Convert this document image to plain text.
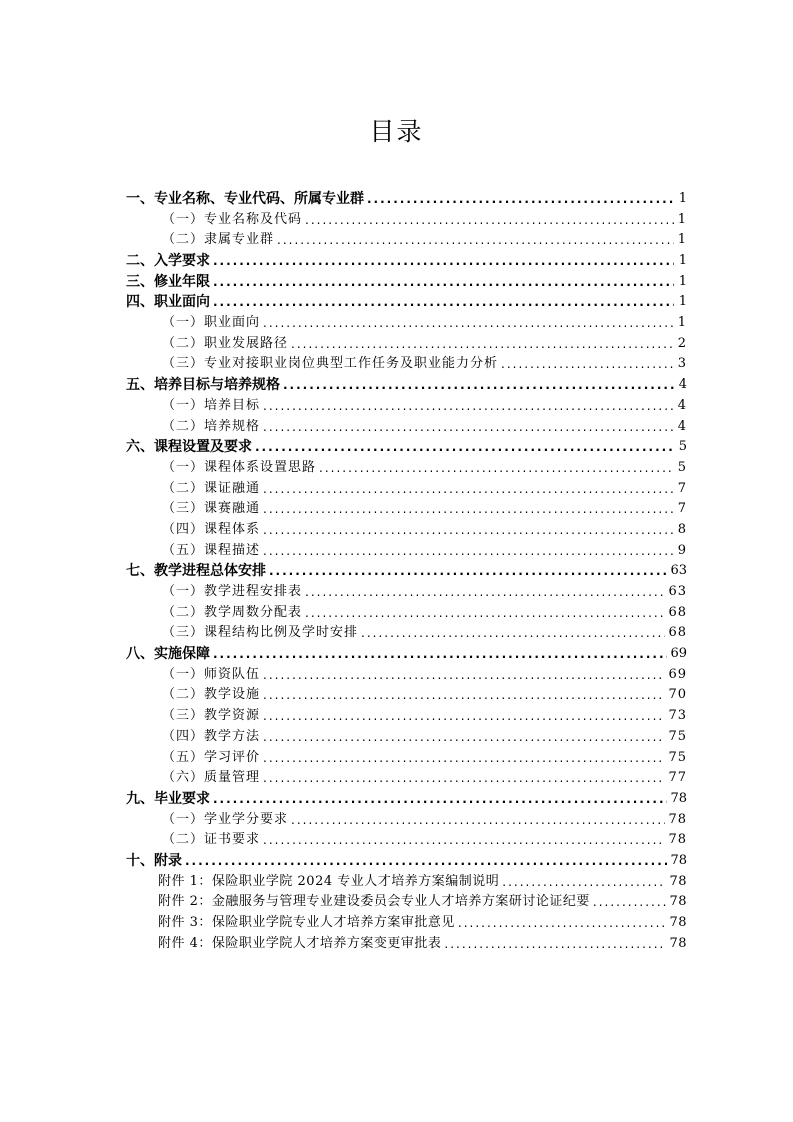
目录
一、专业名称、专业代码、所属专业群 .....	1
（一）专业名称及代码 .....	1
（二）隶属专业群 .....	1
二、入学要求 .....	1
三、修业年限 .....	1
四、职业面向 .....	1
（一）职业面向 .....	1
（二）职业发展路径 .....	2
（三）专业对接职业岗位典型工作任务及职业能力分析 .....	3
五、培养目标与培养规格 .....	4
（一）培养目标 .....	4
（二）培养规格 .....	4
六、课程设置及要求 .....	5
（一）课程体系设置思路 .....	5
（二）课证融通 .....	7
（三）课赛融通 .....	7
（四）课程体系 .....	8
（五）课程描述 .....	9
七、教学进程总体安排 .....	63
（一）教学进程安排表 .....	63
（二）教学周数分配表 .....	68
（三）课程结构比例及学时安排 .....	68
八、实施保障 .....	69
（一）师资队伍 .....	69
（二）教学设施 .....	70
（三）教学资源 .....	73
（四）教学方法 .....	75
（五）学习评价 .....	75
（六）质量管理 .....	77
九、毕业要求 .....	78
（一）学业学分要求 .....	78
（二）证书要求 .....	78
十、附录 .....	78
附件 1：保险职业学院 2024 专业人才培养方案编制说明 .....	78
附件 2：金融服务与管理专业建设委员会专业人才培养方案研讨论证纪要 .....	78
附件 3：保险职业学院专业人才培养方案审批意见 .....	78
附件 4：保险职业学院人才培养方案变更审批表 .....	78
